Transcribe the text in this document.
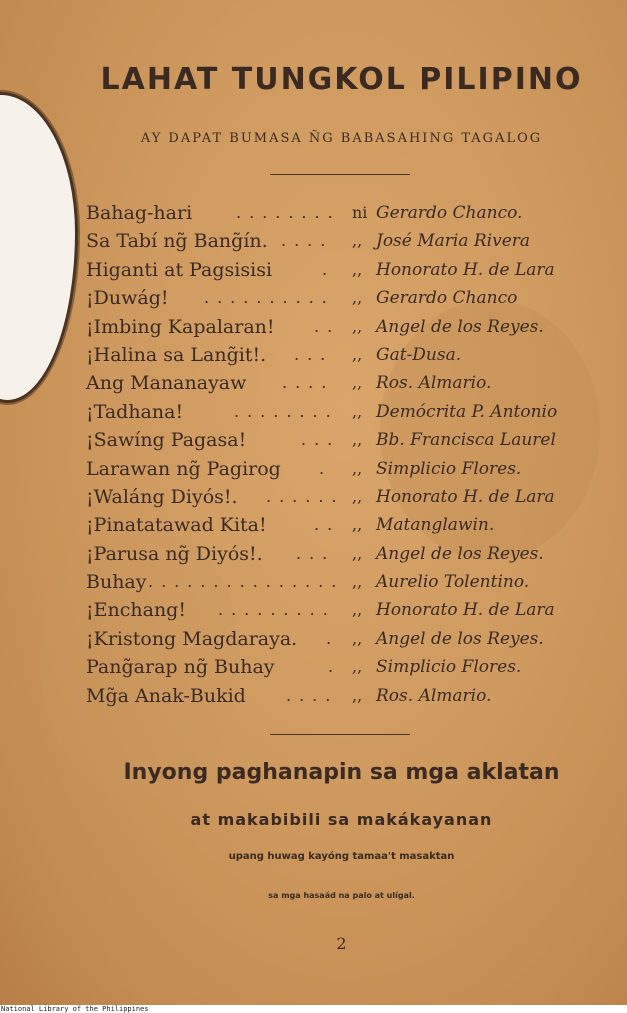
LAHAT TUNGKOL PILIPINO

AY DAPAT BUMASA ÑG BABASAHING TAGALOG

Bahag-hari	........ ni Gerardo Chanco.
Sa Tabí ng̃ Bang̃ín. .... ,, José Maria Rivera
Higanti at Pagsisisi	. ,, Honorato H. de Lara
¡Duwág! .......... ,, Gerardo Chanco
¡Imbing Kapalaran! .. ,, Angel de los Reyes.
¡Halina sa Lang̃it!. ... ,, Gat-Dusa.
Ang Mananayaw .... ,, Ros. Almario.
¡Tadhana!	........ ,, Demócrita P. Antonio
¡Sawíng Pagasa!	... ,, Bb. Francisca Laurel
Larawan ng̃ Pagirog . ,, Simplicio Flores.
¡Waláng Diyós!. ...... ,, Honorato H. de Lara
¡Pinatatawad Kita!	.. ,, Matanglawin.
¡Parusa ng̃ Diyós!. ... ,, Angel de los Reyes.
Buhay ............... ,, Aurelio Tolentino.
¡Enchang! ......... ,, Honorato H. de Lara
¡Kristong Magdaraya. . ,, Angel de los Reyes.
Pang̃arap ng̃ Buhay	. ,, Simplicio Flores.
Mg̃a Anak-Bukid	.... ,, Ros. Almario.

Inyong paghanapin sa mga aklatan

at makabibili sa makákayanan

upang huwag kayóng tamaa't masaktan

sa mga hasaád na palo at ulígal.

2

National Library of the Philippines
